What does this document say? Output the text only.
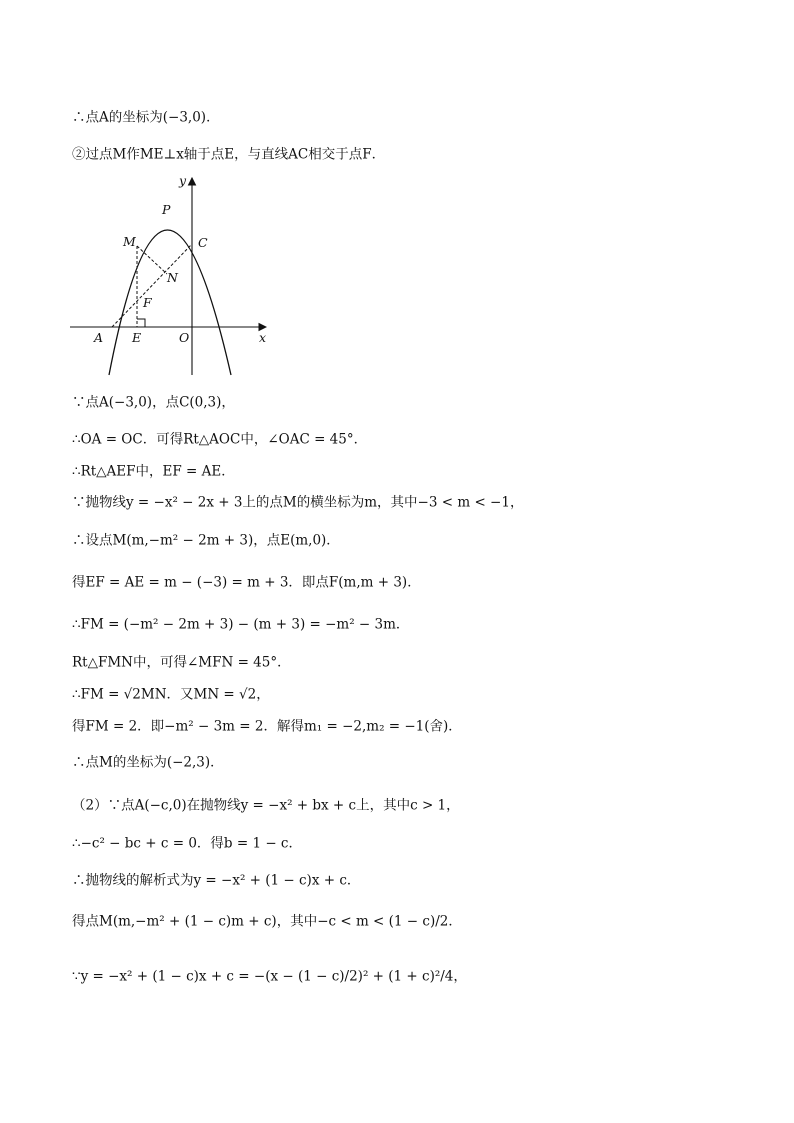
∴点A的坐标为(−3,0)．
②过点M作ME⊥x轴于点E，与直线AC相交于点F．
y
x
P
M	C
N
F
A E	O
∵点A(−3,0)，点C(0,3)，
∴OA = OC．可得Rt△AOC中，∠OAC = 45°．
∴Rt△AEF中，EF = AE．
∵抛物线y = −x² − 2x + 3上的点M的横坐标为m，其中−3 < m < −1，
∴设点M(m,−m² − 2m + 3)，点E(m,0)．
得EF = AE = m − (−3) = m + 3．即点F(m,m + 3)．
∴FM = (−m² − 2m + 3) − (m + 3) = −m² − 3m．
Rt△FMN中，可得∠MFN = 45°．
∴FM = √2MN．又MN = √2，
得FM = 2．即−m² − 3m = 2．解得m₁ = −2,m₂ = −1(舍)．
∴点M的坐标为(−2,3)．
（2）∵点A(−c,0)在抛物线y = −x² + bx + c上，其中c > 1，
∴−c² − bc + c = 0．得b = 1 − c．
∴抛物线的解析式为y = −x² + (1 − c)x + c．
得点M(m,−m² + (1 − c)m + c)，其中−c < m < (1 − c)/2．
∵y = −x² + (1 − c)x + c = −(x − (1 − c)/2)² + (1 + c)²/4，
